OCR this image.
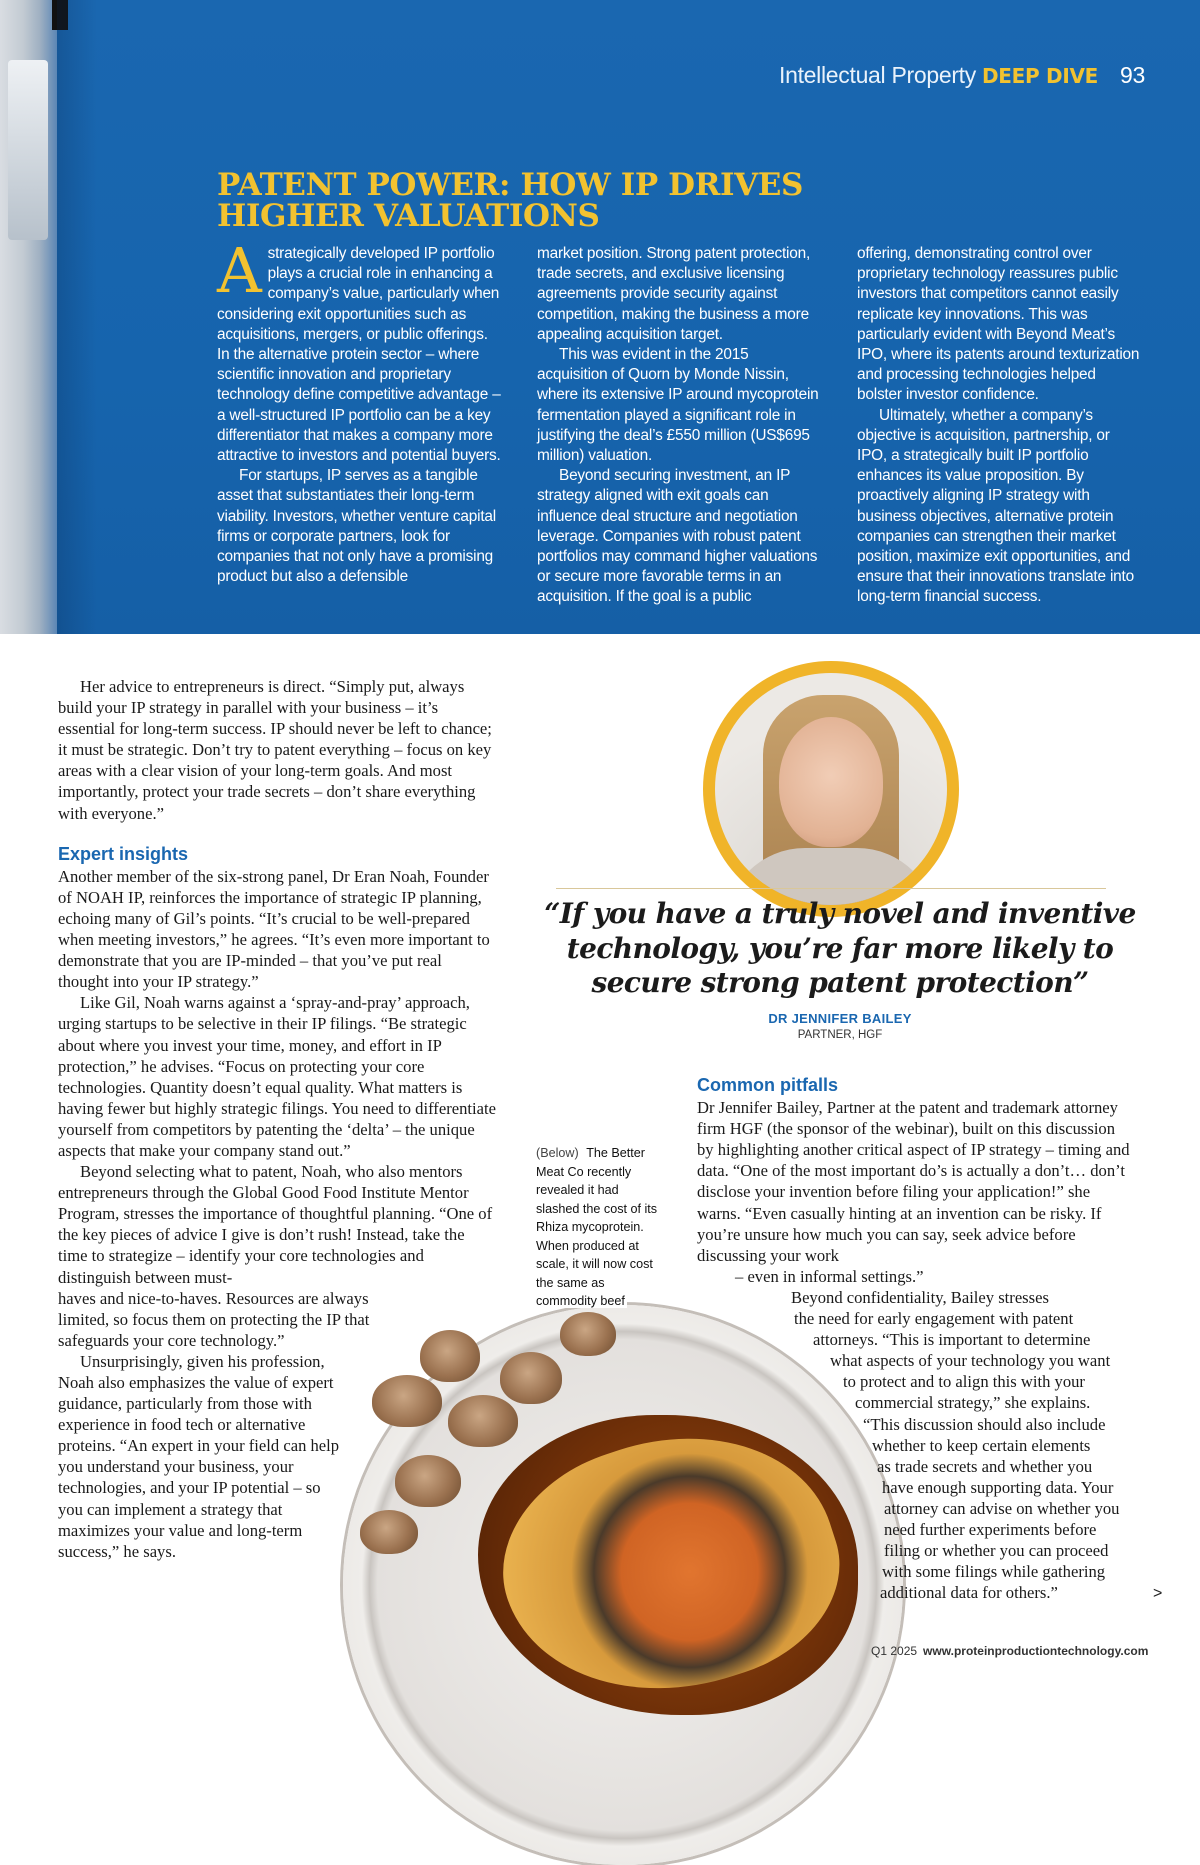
Intellectual Property DEEP DIVE 93
PATENT POWER: HOW IP DRIVES HIGHER VALUATIONS

Astrategically developed IP portfolio plays a crucial role in enhancing a company’s value, particularly when considering exit opportunities such as acquisitions, mergers, or public offerings. In the alternative protein sector – where scientific innovation and proprietary technology define competitive advantage – a well-structured IP portfolio can be a key differentiator that makes a company more attractive to investors and potential buyers.

For startups, IP serves as a tangible asset that substantiates their long-term viability. Investors, whether venture capital firms or corporate partners, look for companies that not only have a promising product but also a defensible

market position. Strong patent protection, trade secrets, and exclusive licensing agreements provide security against competition, making the business a more appealing acquisition target.

This was evident in the 2015 acquisition of Quorn by Monde Nissin, where its extensive IP around mycoprotein fermentation played a significant role in justifying the deal’s £550 million (US$695 million) valuation.

Beyond securing investment, an IP strategy aligned with exit goals can influence deal structure and negotiation leverage. Companies with robust patent portfolios may command higher valuations or secure more favorable terms in an acquisition. If the goal is a public

offering, demonstrating control over proprietary technology reassures public investors that competitors cannot easily replicate key innovations. This was particularly evident with Beyond Meat’s IPO, where its patents around texturization and processing technologies helped bolster investor confidence.

Ultimately, whether a company’s objective is acquisition, partnership, or IPO, a strategically built IP portfolio enhances its value proposition. By proactively aligning IP strategy with business objectives, alternative protein companies can strengthen their market position, maximize exit opportunities, and ensure that their innovations translate into long-term financial success.

Her advice to entrepreneurs is direct. “Simply put, always build your IP strategy in parallel with your business – it’s essential for long-term success. IP should never be left to chance; it must be strategic. Don’t try to patent everything – focus on key areas with a clear vision of your long-term goals. And most importantly, protect your trade secrets – don’t share everything with everyone.”

Expert insights

Another member of the six-strong panel, Dr Eran Noah, Founder of NOAH IP, reinforces the importance of strategic IP planning, echoing many of Gil’s points. “It’s crucial to be well-prepared when meeting investors,” he agrees. “It’s even more important to demonstrate that you are IP-minded – that you’ve put real thought into your IP strategy.”

Like Gil, Noah warns against a ‘spray-and-pray’ approach, urging startups to be selective in their IP filings. “Be strategic about where you invest your time, money, and effort in IP protection,” he advises. “Focus on protecting your core technologies. Quantity doesn’t equal quality. What matters is having fewer but highly strategic filings. You need to differentiate yourself from competitors by patenting the ‘delta’ – the unique aspects that make your company stand out.”

Beyond selecting what to patent, Noah, who also mentors entrepreneurs through the Global Good Food Institute Mentor Program, stresses the importance of thoughtful planning. “One of the key pieces of advice I give is don’t rush! Instead, take the time to strategize – identify your core technologies and distinguish between must-

haves and nice-to-haves. Resources are always limited, so focus them on protecting the IP that safeguards your core technology.”

Unsurprisingly, given his profession, Noah also emphasizes the value of expert guidance, particularly from those with experience in food tech or alternative proteins. “An expert in your field can help you understand your business, your technologies, and your IP potential – so you can implement a strategy that maximizes your value and long-term success,” he says.

“If you have a truly novel and inventive technology, you’re far more likely to secure strong patent protection”

DR JENNIFER BAILEY
PARTNER, HGF
(Below) The Better Meat Co recently revealed it had slashed the cost of its Rhiza mycoprotein. When produced at scale, it will now cost the same as commodity beef
Common pitfalls

Dr Jennifer Bailey, Partner at the patent and trademark attorney firm HGF (the sponsor of the webinar), built on this discussion by highlighting another critical aspect of IP strategy – timing and data. “One of the most important do’s is actually a don’t… don’t disclose your invention before filing your application!” she warns. “Even casually hinting at an invention can be risky. If you’re unsure how much you can say, seek advice before discussing your work

– even in informal settings.”
Beyond confidentiality, Bailey stresses
the need for early engagement with patent
attorneys. “This is important to determine
what aspects of your technology you want
to protect and to align this with your
commercial strategy,” she explains.
“This discussion should also include
whether to keep certain elements
as trade secrets and whether you
have enough supporting data. Your
attorney can advise on whether you
need further experiments before
filing or whether you can proceed
with some filings while gathering
additional data for others.”	>
Q1 2025 www.proteinproductiontechnology.com
